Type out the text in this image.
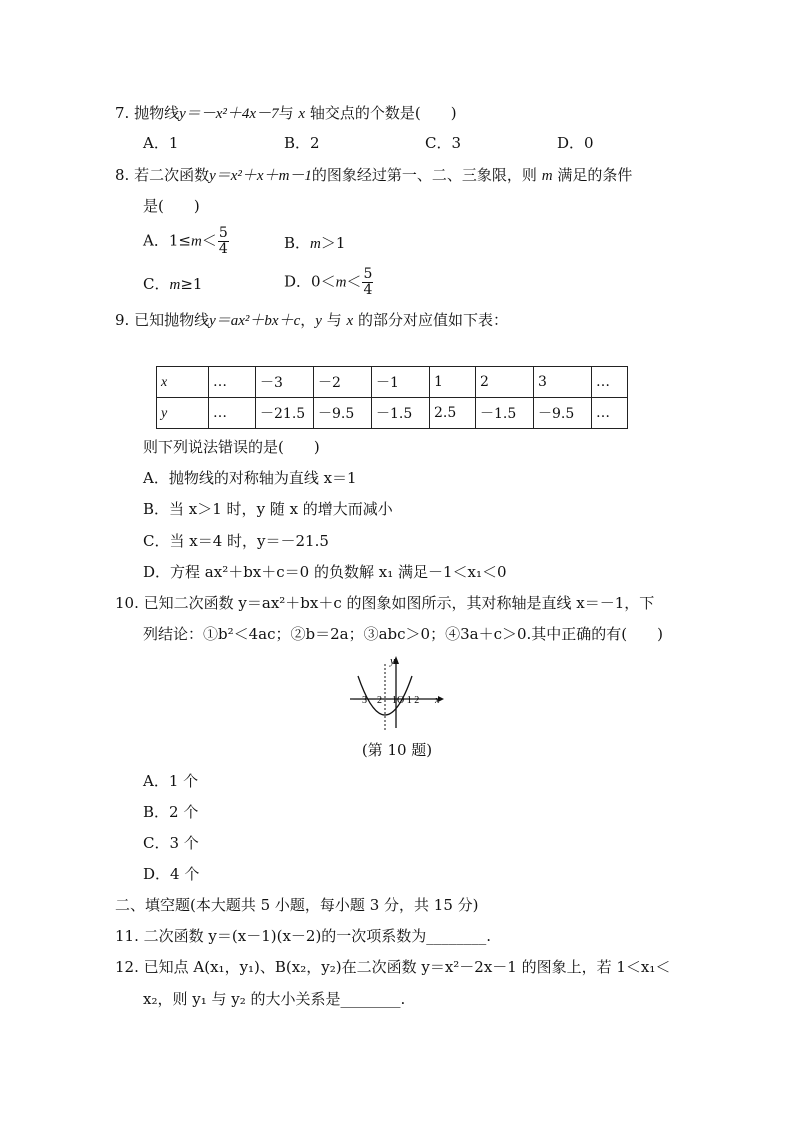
7. 抛物线y＝－x²＋4x－7与 x 轴交点的个数是(　　)
A．1	B．2	C．3	D．0
8. 若二次函数y＝x²＋x＋m－1的图象经过第一、二、三象限，则 m 满足的条件
是(　　)
A．$1\le m< \frac{5}{4}$	B．m＞1
C．m≥1	D．$0<m< \frac{5}{4}$
9. 已知抛物线y＝ax²＋bx＋c，y 与 x 的部分对应值如下表：
x	…	－3	－2	－1	1	2	3	…
y	…	－21.5	－9.5	－1.5	2.5	－1.5	－9.5	…
则下列说法错误的是(　　)
A．抛物线的对称轴为直线 x＝1
B．当 x＞1 时，y 随 x 的增大而减小
C．当 x＝4 时，y＝－21.5
D．方程 ax²＋bx＋c＝0 的负数解 x₁ 满足－1＜x₁＜0
10. 已知二次函数 y＝ax²＋bx＋c 的图象如图所示，其对称轴是直线 x＝－1，下
列结论：①b²＜4ac；②b＝2a；③abc＞0；④3a＋c＞0.其中正确的有(　　)
y
x
－3－2－1O 1 2
(第 10 题)
A．1 个
B．2 个
C．3 个
D．4 个
二、填空题(本大题共 5 小题，每小题 3 分，共 15 分)
11. 二次函数 y＝(x－1)(x－2)的一次项系数为________.
12. 已知点 A(x₁，y₁)、B(x₂，y₂)在二次函数 y＝x²－2x－1 的图象上，若 1＜x₁＜
x₂，则 y₁ 与 y₂ 的大小关系是________.
